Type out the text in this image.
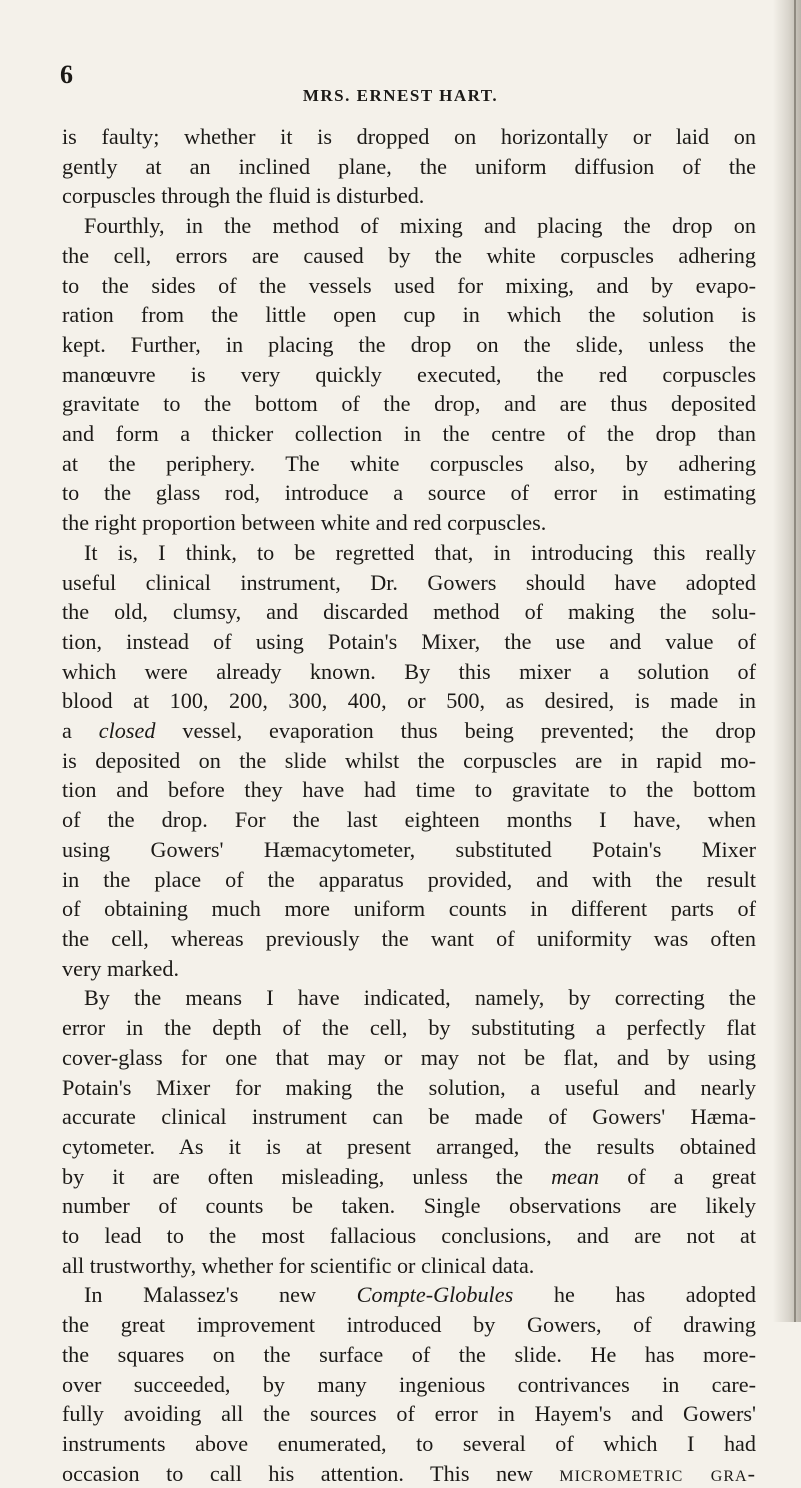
6
MRS. ERNEST HART.
is faulty; whether it is dropped on horizontally or laid on
gently at an inclined plane, the uniform diffusion of the
corpuscles through the fluid is disturbed.
Fourthly, in the method of mixing and placing the drop on
the cell, errors are caused by the white corpuscles adhering
to the sides of the vessels used for mixing, and by evapo-
ration from the little open cup in which the solution is
kept. Further, in placing the drop on the slide, unless the
manœuvre is very quickly executed, the red corpuscles
gravitate to the bottom of the drop, and are thus deposited
and form a thicker collection in the centre of the drop than
at the periphery. The white corpuscles also, by adhering
to the glass rod, introduce a source of error in estimating
the right proportion between white and red corpuscles.
It is, I think, to be regretted that, in introducing this really
useful clinical instrument, Dr. Gowers should have adopted
the old, clumsy, and discarded method of making the solu-
tion, instead of using Potain's Mixer, the use and value of
which were already known. By this mixer a solution of
blood at 100, 200, 300, 400, or 500, as desired, is made in
a closed vessel, evaporation thus being prevented; the drop
is deposited on the slide whilst the corpuscles are in rapid mo-
tion and before they have had time to gravitate to the bottom
of the drop. For the last eighteen months I have, when
using Gowers' Hæmacytometer, substituted Potain's Mixer
in the place of the apparatus provided, and with the result
of obtaining much more uniform counts in different parts of
the cell, whereas previously the want of uniformity was often
very marked.
By the means I have indicated, namely, by correcting the
error in the depth of the cell, by substituting a perfectly flat
cover-glass for one that may or may not be flat, and by using
Potain's Mixer for making the solution, a useful and nearly
accurate clinical instrument can be made of Gowers' Hæma-
cytometer. As it is at present arranged, the results obtained
by it are often misleading, unless the mean of a great
number of counts be taken. Single observations are likely
to lead to the most fallacious conclusions, and are not at
all trustworthy, whether for scientific or clinical data.
In Malassez's new Compte-Globules he has adopted
the great improvement introduced by Gowers, of drawing
the squares on the surface of the slide. He has more-
over succeeded, by many ingenious contrivances in care-
fully avoiding all the sources of error in Hayem's and Gowers'
instruments above enumerated, to several of which I had
occasion to call his attention. This new micrometric gra-
